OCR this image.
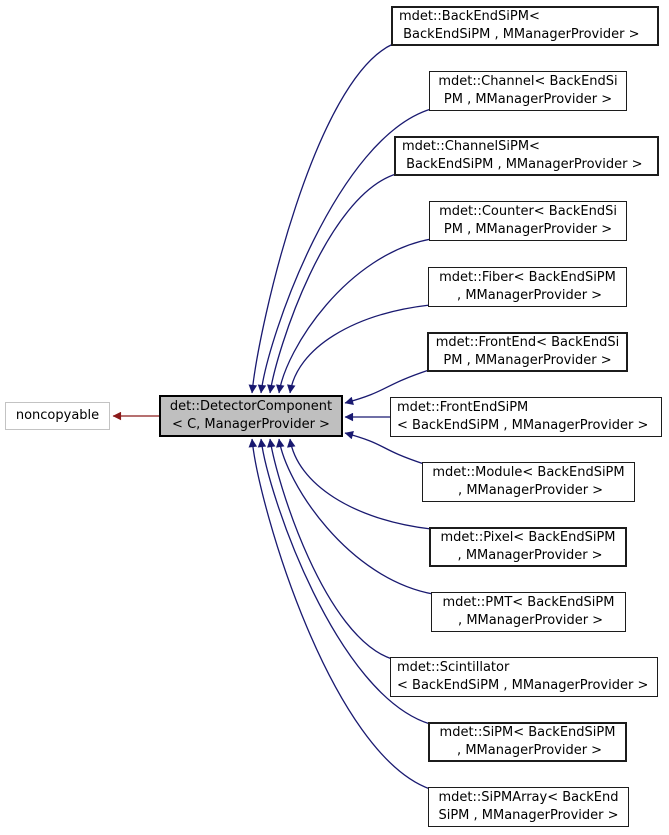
mdet::BackEndSiPM<
BackEndSiPM , MManagerProvider >
mdet::Channel< BackEndSi
PM , MManagerProvider >
mdet::ChannelSiPM<
BackEndSiPM , MManagerProvider >
mdet::Counter< BackEndSi
PM , MManagerProvider >
mdet::Fiber< BackEndSiPM
, MManagerProvider >
mdet::FrontEnd< BackEndSi
PM , MManagerProvider >
mdet::FrontEndSiPM
< BackEndSiPM , MManagerProvider >
mdet::Module< BackEndSiPM
, MManagerProvider >
mdet::Pixel< BackEndSiPM
, MManagerProvider >
mdet::PMT< BackEndSiPM
, MManagerProvider >
mdet::Scintillator
< BackEndSiPM , MManagerProvider >
mdet::SiPM< BackEndSiPM
, MManagerProvider >
mdet::SiPMArray< BackEnd
SiPM , MManagerProvider >
det::DetectorComponent
< C, ManagerProvider >
noncopyable
